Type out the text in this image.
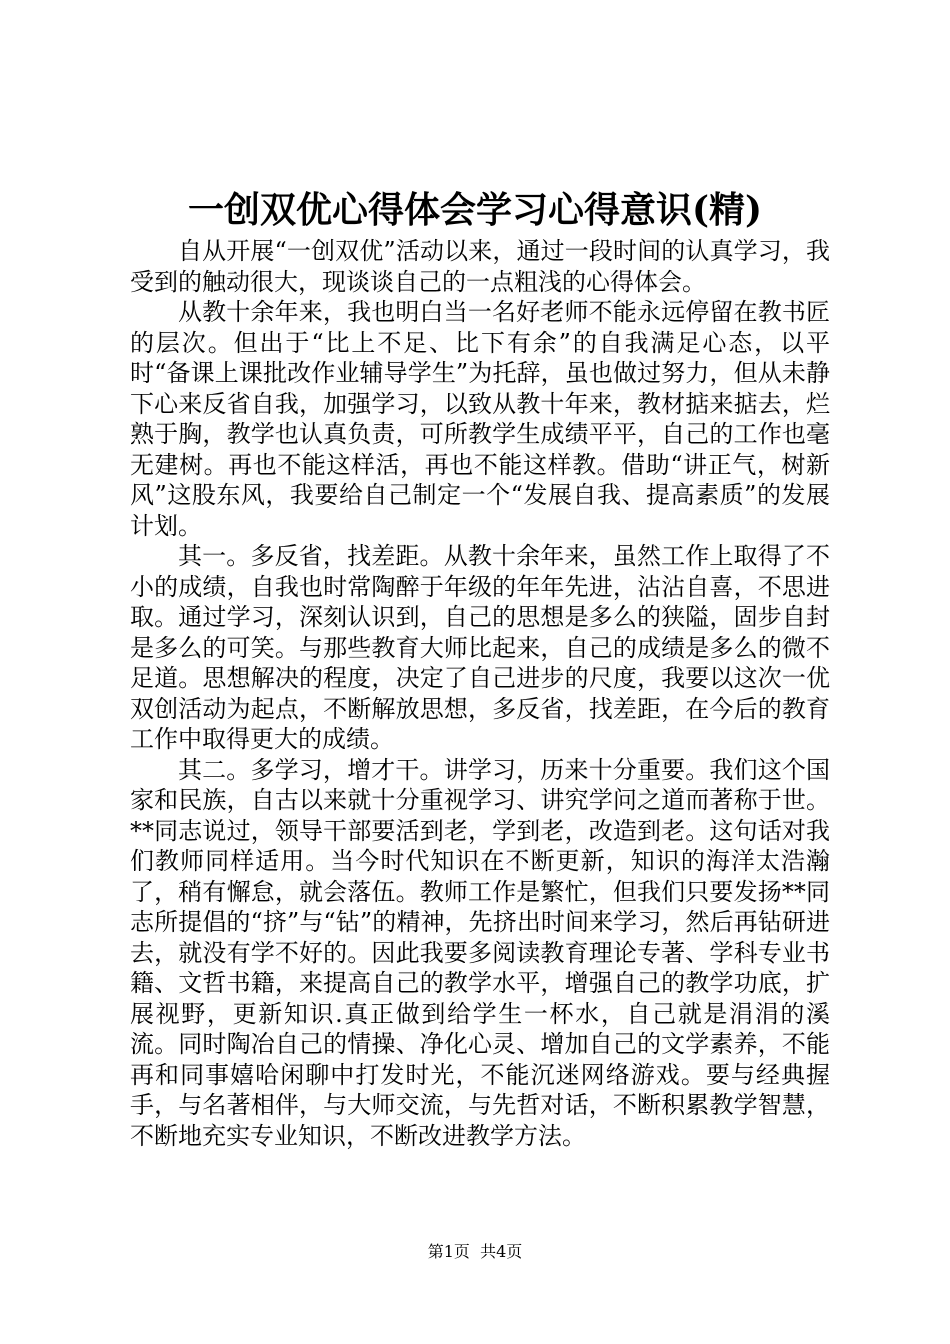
一创双优心得体会学习心得意识(精)

自从开展“一创双优”活动以来，通过一段时间的认真学习，我受到的触动很大，现谈谈自己的一点粗浅的心得体会。

从教十余年来，我也明白当一名好老师不能永远停留在教书匠的层次。但出于“比上不足、比下有余”的自我满足心态，以平时“备课上课批改作业辅导学生”为托辞，虽也做过努力，但从未静下心来反省自我，加强学习，以致从教十年来，教材掂来掂去，烂熟于胸，教学也认真负责，可所教学生成绩平平，自己的工作也毫无建树。再也不能这样活，再也不能这样教。借助“讲正气，树新风”这股东风，我要给自己制定一个“发展自我、提高素质”的发展计划。

其一。多反省，找差距。从教十余年来，虽然工作上取得了不小的成绩，自我也时常陶醉于年级的年年先进，沾沾自喜，不思进取。通过学习，深刻认识到，自己的思想是多么的狭隘，固步自封是多么的可笑。与那些教育大师比起来，自己的成绩是多么的微不足道。思想解决的程度，决定了自己进步的尺度，我要以这次一优双创活动为起点，不断解放思想，多反省，找差距，在今后的教育工作中取得更大的成绩。

其二。多学习，增才干。讲学习，历来十分重要。我们这个国家和民族，自古以来就十分重视学习、讲究学问之道而著称于世。**同志说过，领导干部要活到老，学到老，改造到老。这句话对我们教师同样适用。当今时代知识在不断更新，知识的海洋太浩瀚了，稍有懈怠，就会落伍。教师工作是繁忙，但我们只要发扬**同志所提倡的“挤”与“钻”的精神，先挤出时间来学习，然后再钻研进去，就没有学不好的。因此我要多阅读教育理论专著、学科专业书籍、文哲书籍，来提高自己的教学水平，增强自己的教学功底，扩展视野，更新知识.真正做到给学生一杯水，自己就是涓涓的溪流。同时陶冶自己的情操、净化心灵、增加自己的文学素养，不能再和同事嬉哈闲聊中打发时光，不能沉迷网络游戏。要与经典握手，与名著相伴，与大师交流，与先哲对话，不断积累教学智慧，不断地充实专业知识，不断改进教学方法。

第1页 共4页
